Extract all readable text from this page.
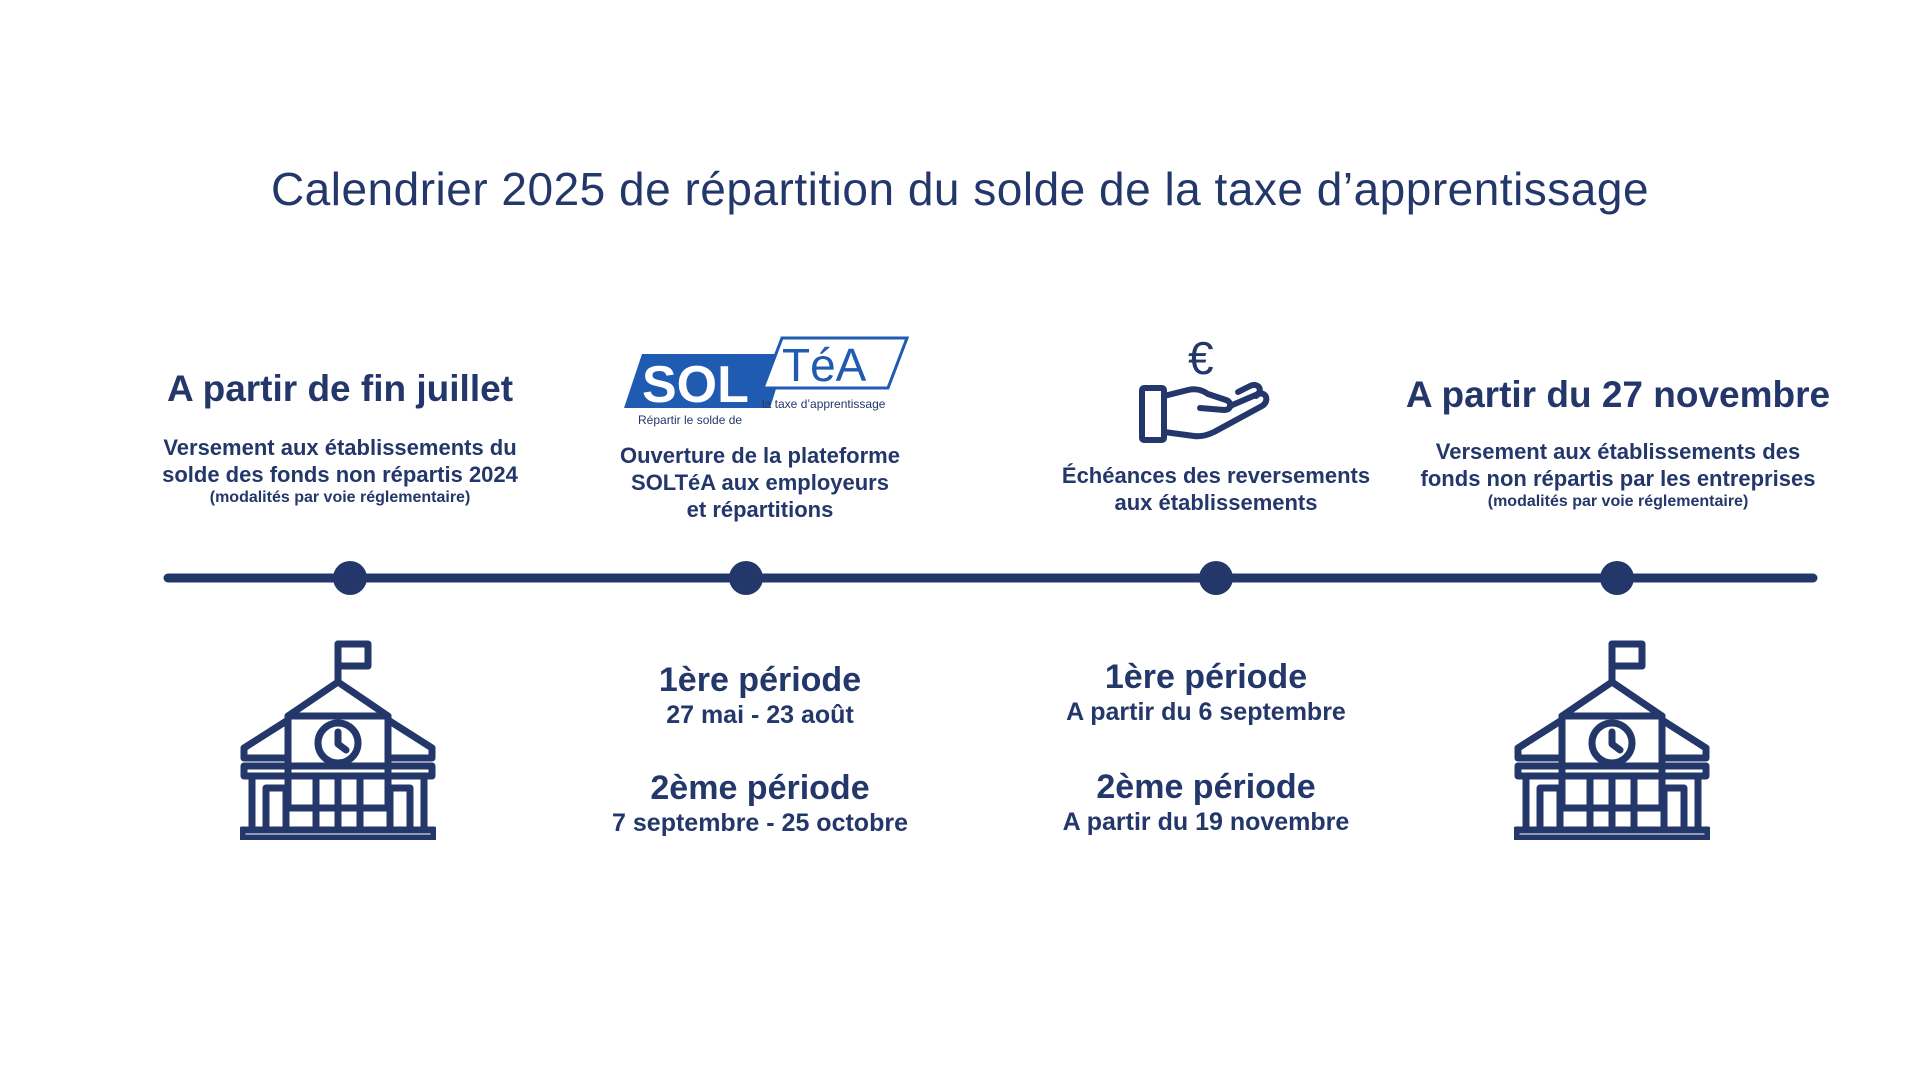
Calendrier 2025 de répartition du solde de la taxe d’apprentissage
A partir de fin juillet
Versement aux établissements du
solde des fonds non répartis 2024
(modalités par voie réglementaire)
SOL TéA
Répartir le solde de
la taxe d’apprentissage
Ouverture de la plateforme
SOLTéA aux employeurs
et répartitions
€
Échéances des reversements
aux établissements
A partir du 27 novembre
Versement aux établissements des
fonds non répartis par les entreprises
(modalités par voie réglementaire)
1ère période
27 mai - 23 août
2ème période
7 septembre - 25 octobre
1ère période
A partir du 6 septembre
2ème période
A partir du 19 novembre
